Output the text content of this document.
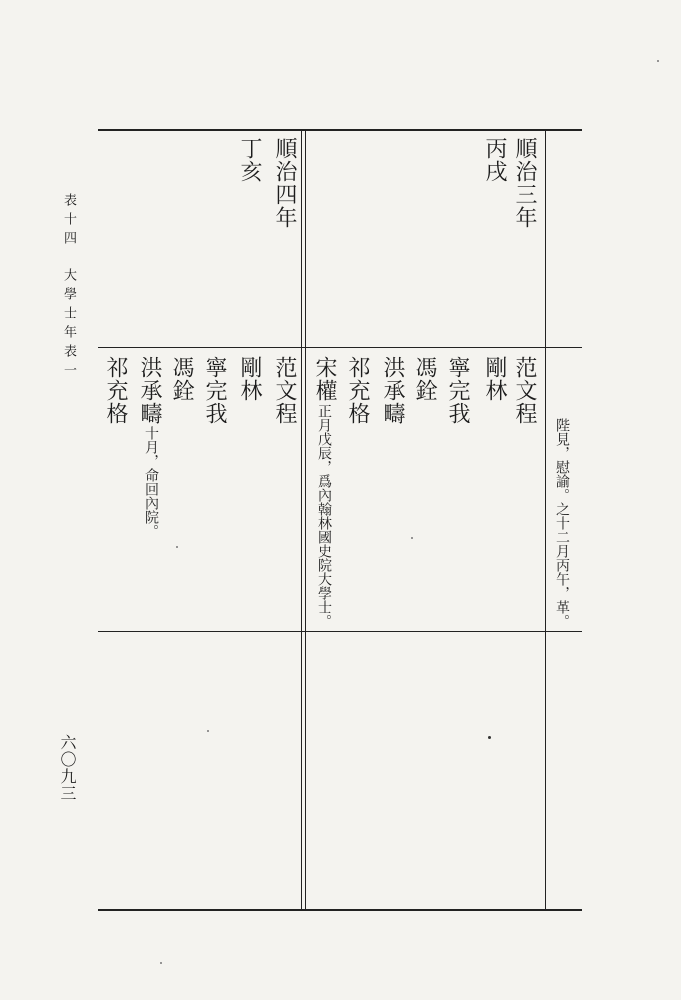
陛見，慰諭。之十二月丙午，革。
順治三年
丙戌
范文程
剛林
寧完我
馮銓
洪承疇
祁充格
宋權
正月戊辰，爲內翰林國史院大學士。
順治四年
丁亥
范文程
剛林
寧完我
馮銓
洪承疇
十月，命回內院。
祁充格
表十四
大學士年表一
六〇九三
